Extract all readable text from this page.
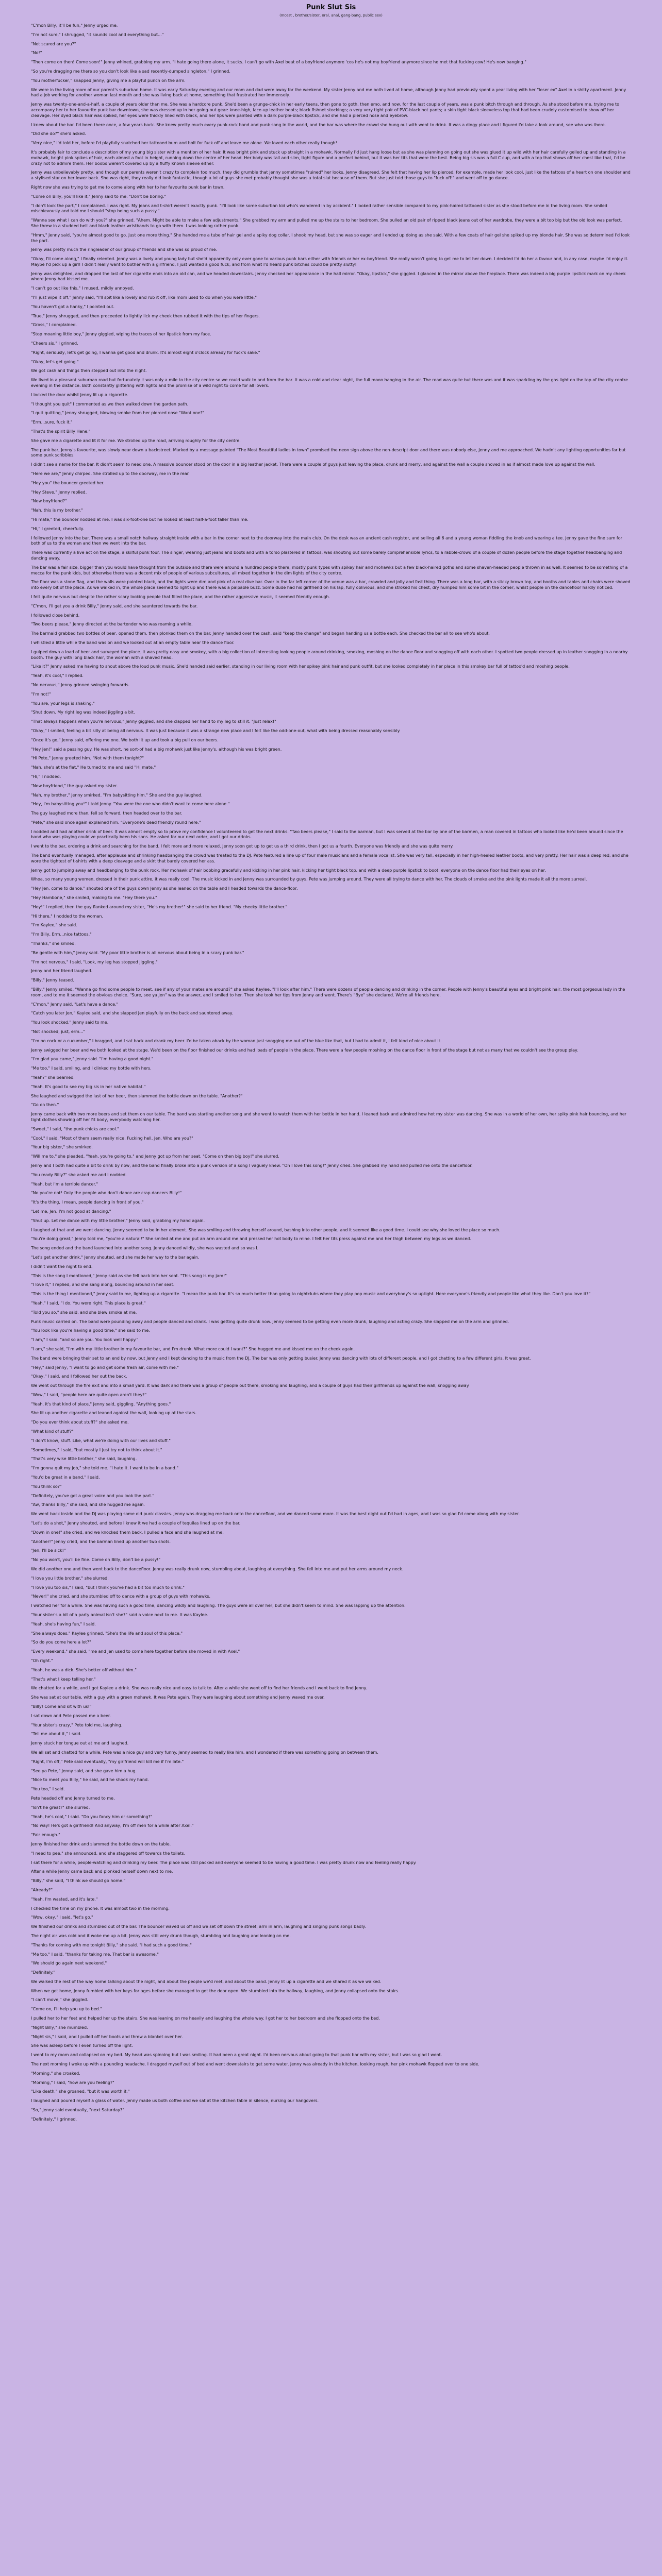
Punk Slut Sis
(Incest , brother/sister, oral, anal, gang-bang, public sex)

"C'mon Billy, it'll be fun," Jenny urged me.

"I'm not sure," I shrugged, "it sounds cool and everything but..."

"Not scared are you?"

"No!"

"Then come on then! Come soon!" Jenny whined, grabbing my arm. "I hate going there alone, it sucks. I can't go with Axel beat of a boyfriend anymore 'cos he's not my boyfriend anymore since he met that fucking cow! He's now banging."

"So you're dragging me there so you don't look like a sad recently-dumped singleton," I grinned.

"You motherfucker," snapped Jenny, giving me a playful punch on the arm.

We were in the living room of our parent's suburban home. It was early Saturday evening and our mom and dad were away for the weekend. My sister Jenny and me both lived at home, although Jenny had previously spent a year living with her "loser ex" Axel in a shitty apartment. Jenny had a job working for another woman last month and she was living back at home, something that frustrated her immensely.

Jenny was twenty-one-and-a-half, a couple of years older than me. She was a hardcore punk. She'd been a grunge-chick in her early teens, then gone to goth, then emo, and now, for the last couple of years, was a punk bitch through and through. As she stood before me, trying me to accompany her to her favourite punk bar downtown, she was dressed up in her going-out gear: knee-high, lace-up leather boots; black fishnet stockings; a very very tight pair of PVC-black hot pants; a skin tight black sleeveless top that had been crudely customised to show off her cleavage. Her dyed black hair was spiked, her eyes were thickly lined with black, and her lips were painted with a dark purple-black lipstick, and she had a pierced nose and eyebrow.

I knew about the bar. I'd been there once, a few years back. She knew pretty much every punk-rock band and punk song in the world, and the bar was where the crowd she hung out with went to drink. It was a dingy place and I figured I'd take a look around, see who was there.

"Did she do?" she'd asked.

"Very nice," I'd told her, before I'd playfully snatched her tattooed bum and bolt for fuck off and leave me alone. We loved each other really though!

It's probably fair to conclude a description of my young big sister with a mention of her hair. It was bright pink and stuck up straight in a mohawk. Normally I'd just hang loose but as she was planning on going out she was glued it up wild with her hair carefully gelled up and standing in a mohawk, bright pink spikes of hair, each almost a foot in height, running down the centre of her head. Her body was tall and slim, tight figure and a perfect behind, but it was her tits that were the best. Being big sis was a full C cup, and with a top that shows off her chest like that, I'd be crazy not to admire them. Her boobs weren't covered up by a fluffy known sleeve either.

Jenny was unbelievably pretty, and though our parents weren't crazy to complain too much, they did grumble that Jenny sometimes "ruined" her looks. Jenny disagreed. She felt that having her lip pierced, for example, made her look cool, just like the tattoos of a heart on one shoulder and a stylised star on her lower back. She was right, they really did look fantastic, though a lot of guys she met probably thought she was a total slut because of them. But she just told those guys to "fuck off!" and went off to go dance.

Right now she was trying to get me to come along with her to her favourite punk bar in town.

"Come on Billy, you'll like it," Jenny said to me. "Don't be boring."

"I don't look the part," I complained. I was right. My jeans and t-shirt weren't exactly punk. "I'll look like some suburban kid who's wandered in by accident." I looked rather sensible compared to my pink-haired tattooed sister as she stood before me in the living room. She smiled mischievously and told me I should "stop being such a pussy."

"Wanna see what I can do with you?" she grinned. "Ahem. Might be able to make a few adjustments." She grabbed my arm and pulled me up the stairs to her bedroom. She pulled an old pair of ripped black jeans out of her wardrobe, they were a bit too big but the old look was perfect. She threw in a studded belt and black leather wristbands to go with them. I was looking rather punk.

"Hmm," Jenny said, "you're almost good to go. Just one more thing." She handed me a tube of hair gel and a spiky dog collar. I shook my head, but she was so eager and I ended up doing as she said. With a few coats of hair gel she spiked up my blonde hair. She was so determined I'd look the part.

Jenny was pretty much the ringleader of our group of friends and she was so proud of me.

"Okay, I'll come along," I finally relented. Jenny was a lively and young lady but she'd apparently only ever gone to various punk bars either with friends or her ex-boyfriend. She really wasn't going to get me to let her down. I decided I'd do her a favour and, in any case, maybe I'd enjoy it. Maybe I'd pick up a girl! I didn't really want to bother with a girlfriend, I just wanted a good fuck, and from what I'd heard punk bitches could be pretty slutty!

Jenny was delighted, and dropped the last of her cigarette ends into an old can, and we headed downstairs. Jenny checked her appearance in the hall mirror. "Okay, lipstick," she giggled. I glanced in the mirror above the fireplace. There was indeed a big purple lipstick mark on my cheek where Jenny had kissed me.

"I can't go out like this," I mused, mildly annoyed.

"I'll just wipe it off," Jenny said, "I'll spit like a lovely and rub it off, like mom used to do when you were little."

"You haven't got a hanky," I pointed out.

"True," Jenny shrugged, and then proceeded to lightly lick my cheek then rubbed it with the tips of her fingers.

"Gross," I complained.

"Stop moaning little boy," Jenny giggled, wiping the traces of her lipstick from my face.

"Cheers sis," I grinned.

"Right, seriously, let's get going, I wanna get good and drunk. It's almost eight o'clock already for fuck's sake."

"Okay, let's get going."

We got cash and things then stepped out into the night.

We lived in a pleasant suburban road but fortunately it was only a mile to the city centre so we could walk to and from the bar. It was a cold and clear night, the full moon hanging in the air. The road was quite but there was and it was sparkling by the gas light on the top of the city centre evening in the distance. Both constantly glittering with lights and the promise of a wild night to come for all lovers.

I locked the door whilst Jenny lit up a cigarette.

"I thought you quit" I commented as we then walked down the garden path.

"I quit quitting," Jenny shrugged, blowing smoke from her pierced nose "Want one?"

"Erm...sure, fuck it."

"That's the spirit Billy Hene."

She gave me a cigarette and lit it for me. We strolled up the road, arriving roughly for the city centre.

The punk bar, Jenny's favourite, was slowly near down a backstreet. Marked by a message painted "The Most Beautiful ladies in town" promised the neon sign above the non-descript door and there was nobody else, Jenny and me approached. We hadn't any lighting opportunities far but some punk scribbles.

I didn't see a name for the bar. It didn't seem to need one. A massive bouncer stood on the door in a big leather jacket. There were a couple of guys just leaving the place, drunk and merry, and against the wall a couple shoved in as if almost made love up against the wall.

"Here we are," Jenny chirped. She strolled up to the doorway, me in the rear.

"Hey you" the bouncer greeted her.

"Hey Steve," Jenny replied.

"New boyfriend?"

"Nah, this is my brother."

"Hi mate," the bouncer nodded at me. I was six-foot-one but he looked at least half-a-foot taller than me.

"Hi," I greeted, cheerfully.

I followed Jenny into the bar. There was a small notch hallway straight inside with a bar in the corner next to the doorway into the main club. On the desk was an ancient cash register, and selling all 6 and a young woman fiddling the knob and wearing a tee. Jenny gave the fine sum for both of us to the woman and then we went into the bar.

There was currently a live act on the stage, a skilful punk four. The singer, wearing just jeans and boots and with a torso plastered in tattoos, was shouting out some barely comprehensible lyrics, to a rabble-crowd of a couple of dozen people before the stage together headbanging and dancing away.

The bar was a fair size, bigger than you would have thought from the outside and there were around a hundred people there, mostly punk types with spikey hair and mohawks but a few black-haired goths and some shaven-headed people thrown in as well. It seemed to be something of a mecca for the punk kids, but otherwise there was a decent mix of people of various subcultures, all mixed together in the dim lights of the city centre.

The floor was a stone flag, and the walls were painted black, and the lights were dim and pink of a real dive bar. Over in the far left corner of the venue was a bar, crowded and jolly and fast thing. There was a long bar, with a sticky brown top, and booths and tables and chairs were shoved into every bit of the place. As we walked in, the whole place seemed to light up and there was a palpable buzz. Some dude had his girlfriend on his lap, fully oblivious, and she stroked his chest, dry humped him some bit in the corner, whilst people on the dancefloor hardly noticed.

I felt quite nervous but despite the rather scary looking people that filled the place, and the rather aggressive music, it seemed friendly enough.

"C'mon, I'll get you a drink Billy," Jenny said, and she sauntered towards the bar.

I followed close behind.

"Two beers please," Jenny directed at the bartender who was roaming a while.

The barmaid grabbed two bottles of beer, opened them, then plonked them on the bar. Jenny handed over the cash, said "keep the change" and began handing us a bottle each. She checked the bar all to see who's about.

I whistled a little while the band was on and we looked out at an empty table near the dance floor.

I gulped down a load of beer and surveyed the place. It was pretty easy and smokey, with a big collection of interesting looking people around drinking, smoking, moshing on the dance floor and snogging off with each other. I spotted two people dressed up in leather snogging in a nearby booth. The guy with long black hair, the woman with a shaved head.

"Like it?" Jenny asked me having to shout above the loud punk music. She'd handed said earlier, standing in our living room with her spikey pink hair and punk outfit, but she looked completely in her place in this smokey bar full of tattoo'd and moshing people.

"Yeah, it's cool," I replied.

"No nervous," Jenny grinned swinging forwards.

"I'm not!"

"You are, your legs is shaking."

"Shut down. My right leg was indeed jiggling a bit.

"That always happens when you're nervous," Jenny giggled, and she clapped her hand to my leg to still it. "Just relax!"

"Okay," I smiled, feeling a bit silly at being all nervous. It was just because it was a strange new place and I felt like the odd-one-out, what with being dressed reasonably sensibly.

"Once it's go," Jenny said, offering me one. We both lit up and took a big pull on our beers.

"Hey Jen!" said a passing guy. He was short, he sort-of had a big mohawk just like Jenny's, although his was bright green.

"Hi Pete," Jenny greeted him. "Not with them tonight?"

"Nah, she's at the flat." He turned to me and said "Hi mate."

"Hi," I nodded.

"New boyfriend," the guy asked my sister.

"Nah, my brother," Jenny smirked. "I'm babysitting him." She and the guy laughed.

"Hey, I'm babysitting you!" I told Jenny. "You were the one who didn't want to come here alone."

The guy laughed more than, fell so forward, then headed over to the bar.

"Pete," she said once again explained him. "Everyone's dead friendly round here."

I nodded and had another drink of beer. It was almost empty so to prove my confidence I volunteered to get the next drinks. "Two beers please," I said to the barman, but I was served at the bar by one of the barmen, a man covered in tattoos who looked like he'd been around since the band who was playing could've practically been his sons. He asked for our next order, and I got our drinks.

I went to the bar, ordering a drink and searching for the band. I felt more and more relaxed. Jenny soon got up to get us a third drink, then I got us a fourth. Everyone was friendly and she was quite merry.

The band eventually managed, after applause and shrinking headbanging the crowd was treated to the DJ. Pete featured a line up of four male musicians and a female vocalist. She was very tall, especially in her high-heeled leather boots, and very pretty. Her hair was a deep red, and she wore the tightest of t-shirts with a deep cleavage and a skirt that barely covered her ass.

Jenny got to jumping away and headbanging to the punk rock. Her mohawk of hair bobbing gracefully and kicking in her pink hair, kicking her tight black top, and with a deep purple lipstick to boot, everyone on the dance floor had their eyes on her.

Whoa, so many young women, dressed in their punk attire, it was really cool. The music kicked in and Jenny was surrounded by guys. Pete was jumping around. They were all trying to dance with her. The clouds of smoke and the pink lights made it all the more surreal.

"Hey Jen, come to dance," shouted one of the guys down Jenny as she leaned on the table and I headed towards the dance-floor.

"Hey Hambone," she smiled, making to me. "Hey there you."

"Hey!" I replied, then the guy flanked around my sister, "He's my brother!" she said to her friend. "My cheeky little brother."

"Hi there," I nodded to the woman.

"I'm Kaylee," she said.

"I'm Billy, Erm...nice tattoos."

"Thanks," she smiled.

"Be gentle with him," Jenny said. "My poor little brother is all nervous about being in a scary punk bar."

"I'm not nervous," I said, "Look, my leg has stopped jiggling."

Jenny and her friend laughed.

"Billy," Jenny teased.

"Billy," Jenny smiled. "Wanna go find some people to meet, see if any of your mates are around?" she asked Kaylee. "I'll look after him." There were dozens of people dancing and drinking in the corner. People with Jenny's beautiful eyes and bright pink hair, the most gorgeous lady in the room, and to me it seemed the obvious choice. "Sure, see ya Jen" was the answer, and I smiled to her. Then she took her tips from Jenny and went. There's "Bye" she declared. We're all friends here.

"C'mon," Jenny said, "Let's have a dance."

"Catch you later Jen," Kaylee said, and she slapped Jen playfully on the back and sauntered away.

"You look shocked," Jenny said to me.

"Not shocked, just, erm..."

"I'm no cock or a cucumber," I bragged, and I sat back and drank my beer. I'd be taken aback by the woman just snogging me out of the blue like that, but I had to admit it, I felt kind of nice about it.

Jenny swigged her beer and we both looked at the stage. We'd been on the floor finished our drinks and had loads of people in the place. There were a few people moshing on the dance floor in front of the stage but not as many that we couldn't see the group play.

"I'm glad you came," Jenny said. "I'm having a good night."

"Me too," I said, smiling, and I clinked my bottle with hers.

"Yeah?" she beamed.

"Yeah. It's good to see my big sis in her native habitat."

She laughed and swigged the last of her beer, then slammed the bottle down on the table. "Another?"

"Go on then."

Jenny came back with two more beers and set them on our table. The band was starting another song and she went to watch them with her bottle in her hand. I leaned back and admired how hot my sister was dancing. She was in a world of her own, her spiky pink hair bouncing, and her tight clothes showing off her fit body, everybody watching her.

"Sweet," I said, "the punk chicks are cool."

"Cool," I said. "Most of them seem really nice. Fucking hell, Jen. Who are you?"

"Your big sister," she smirked.

"Will me to," she pleaded, "Yeah, you're going to," and Jenny got up from her seat. "Come on then big boy!" she slurred.

Jenny and I both had quite a bit to drink by now, and the band finally broke into a punk version of a song I vaguely knew. "Oh I love this song!" Jenny cried. She grabbed my hand and pulled me onto the dancefloor.

"You ready Billy?" she asked me and I nodded.

"Yeah, but I'm a terrible dancer."

"No you're not! Only the people who don't dance are crap dancers Billy!"

"It's the thing, I mean, people dancing in front of you."

"Let me, Jen. I'm not good at dancing."

"Shut up. Let me dance with my little brother," Jenny said, grabbing my hand again.

I laughed at that and we went dancing. Jenny seemed to be in her element. She was smiling and throwing herself around, bashing into other people, and it seemed like a good time. I could see why she loved the place so much.

"You're doing great," Jenny told me, "you're a natural!" She smiled at me and put an arm around me and pressed her hot body to mine. I felt her tits press against me and her thigh between my legs as we danced.

The song ended and the band launched into another song. Jenny danced wildly, she was wasted and so was I.

"Let's get another drink," Jenny shouted, and she made her way to the bar again.

I didn't want the night to end.

"This is the song I mentioned," Jenny said as she fell back into her seat. "This song is my jam!"

"I love it," I replied, and she sang along, bouncing around in her seat.

"This is the thing I mentioned," Jenny said to me, lighting up a cigarette. "I mean the punk bar. It's so much better than going to nightclubs where they play pop music and everybody's so uptight. Here everyone's friendly and people like what they like. Don't you love it?"

"Yeah," I said, "I do. You were right. This place is great."

"Told you so," she said, and she blew smoke at me.

Punk music carried on. The band were pounding away and people danced and drank. I was getting quite drunk now. Jenny seemed to be getting even more drunk, laughing and acting crazy. She slapped me on the arm and grinned.

"You look like you're having a good time," she said to me.

"I am," I said, "and so are you. You look well happy."

"I am," she said, "I'm with my little brother in my favourite bar, and I'm drunk. What more could I want?" She hugged me and kissed me on the cheek again.

The band were bringing their set to an end by now, but Jenny and I kept dancing to the music from the DJ. The bar was only getting busier. Jenny was dancing with lots of different people, and I got chatting to a few different girls. It was great.

"Hey," said Jenny, "I want to go and get some fresh air, come with me."

"Okay," I said, and I followed her out the back.

We went out through the fire exit and into a small yard. It was dark and there was a group of people out there, smoking and laughing, and a couple of guys had their girlfriends up against the wall, snogging away.

"Wow," I said, "people here are quite open aren't they?"

"Yeah, it's that kind of place," Jenny said, giggling. "Anything goes."

She lit up another cigarette and leaned against the wall, looking up at the stars.

"Do you ever think about stuff?" she asked me.

"What kind of stuff?"

"I don't know, stuff. Like, what we're doing with our lives and stuff."

"Sometimes," I said, "but mostly I just try not to think about it."

"That's very wise little brother," she said, laughing.

"I'm gonna quit my job," she told me. "I hate it. I want to be in a band."

"You'd be great in a band," I said.

"You think so?"

"Definitely, you've got a great voice and you look the part."

"Aw, thanks Billy," she said, and she hugged me again.

We went back inside and the DJ was playing some old punk classics. Jenny was dragging me back onto the dancefloor, and we danced some more. It was the best night out I'd had in ages, and I was so glad I'd come along with my sister.

"Let's do a shot," Jenny shouted, and before I knew it we had a couple of tequilas lined up on the bar.

"Down in one!" she cried, and we knocked them back. I pulled a face and she laughed at me.

"Another!" Jenny cried, and the barman lined up another two shots.

"Jen, I'll be sick!"

"No you won't, you'll be fine. Come on Billy, don't be a pussy!"

We did another one and then went back to the dancefloor. Jenny was really drunk now, stumbling about, laughing at everything. She fell into me and put her arms around my neck.

"I love you little brother," she slurred.

"I love you too sis," I said, "but I think you've had a bit too much to drink."

"Never!" she cried, and she stumbled off to dance with a group of guys with mohawks.

I watched her for a while. She was having such a good time, dancing wildly and laughing. The guys were all over her, but she didn't seem to mind. She was lapping up the attention.

"Your sister's a bit of a party animal isn't she?" said a voice next to me. It was Kaylee.

"Yeah, she's having fun," I said.

"She always does," Kaylee grinned. "She's the life and soul of this place."

"So do you come here a lot?"

"Every weekend," she said, "me and Jen used to come here together before she moved in with Axel."

"Oh right."

"Yeah, he was a dick. She's better off without him."

"That's what I keep telling her."

We chatted for a while, and I got Kaylee a drink. She was really nice and easy to talk to. After a while she went off to find her friends and I went back to find Jenny.

She was sat at our table, with a guy with a green mohawk. It was Pete again. They were laughing about something and Jenny waved me over.

"Billy! Come and sit with us!"

I sat down and Pete passed me a beer.

"Your sister's crazy," Pete told me, laughing.

"Tell me about it," I said.

Jenny stuck her tongue out at me and laughed.

We all sat and chatted for a while. Pete was a nice guy and very funny. Jenny seemed to really like him, and I wondered if there was something going on between them.

"Right, I'm off," Pete said eventually, "my girlfriend will kill me if I'm late."

"See ya Pete," Jenny said, and she gave him a hug.

"Nice to meet you Billy," he said, and he shook my hand.

"You too," I said.

Pete headed off and Jenny turned to me.

"Isn't he great?" she slurred.

"Yeah, he's cool," I said. "Do you fancy him or something?"

"No way! He's got a girlfriend! And anyway, I'm off men for a while after Axel."

"Fair enough."

Jenny finished her drink and slammed the bottle down on the table.

"I need to pee," she announced, and she staggered off towards the toilets.

I sat there for a while, people-watching and drinking my beer. The place was still packed and everyone seemed to be having a good time. I was pretty drunk now and feeling really happy.

After a while Jenny came back and plonked herself down next to me.

"Billy," she said, "I think we should go home."

"Already?"

"Yeah, I'm wasted, and it's late."

I checked the time on my phone. It was almost two in the morning.

"Wow, okay," I said, "let's go."

We finished our drinks and stumbled out of the bar. The bouncer waved us off and we set off down the street, arm in arm, laughing and singing punk songs badly.

The night air was cold and it woke me up a bit. Jenny was still very drunk though, stumbling and laughing and leaning on me.

"Thanks for coming with me tonight Billy," she said. "I had such a good time."

"Me too," I said, "thanks for taking me. That bar is awesome."

"We should go again next weekend."

"Definitely."

We walked the rest of the way home talking about the night, and about the people we'd met, and about the band. Jenny lit up a cigarette and we shared it as we walked.

When we got home, Jenny fumbled with her keys for ages before she managed to get the door open. We stumbled into the hallway, laughing, and Jenny collapsed onto the stairs.

"I can't move," she giggled.

"Come on, I'll help you up to bed."

I pulled her to her feet and helped her up the stairs. She was leaning on me heavily and laughing the whole way. I got her to her bedroom and she flopped onto the bed.

"Night Billy," she mumbled.

"Night sis," I said, and I pulled off her boots and threw a blanket over her.

She was asleep before I even turned off the light.

I went to my room and collapsed on my bed. My head was spinning but I was smiling. It had been a great night. I'd been nervous about going to that punk bar with my sister, but I was so glad I went.

The next morning I woke up with a pounding headache. I dragged myself out of bed and went downstairs to get some water. Jenny was already in the kitchen, looking rough, her pink mohawk flopped over to one side.

"Morning," she croaked.

"Morning," I said, "how are you feeling?"

"Like death," she groaned, "but it was worth it."

I laughed and poured myself a glass of water. Jenny made us both coffee and we sat at the kitchen table in silence, nursing our hangovers.

"So," Jenny said eventually, "next Saturday?"

"Definitely," I grinned.
